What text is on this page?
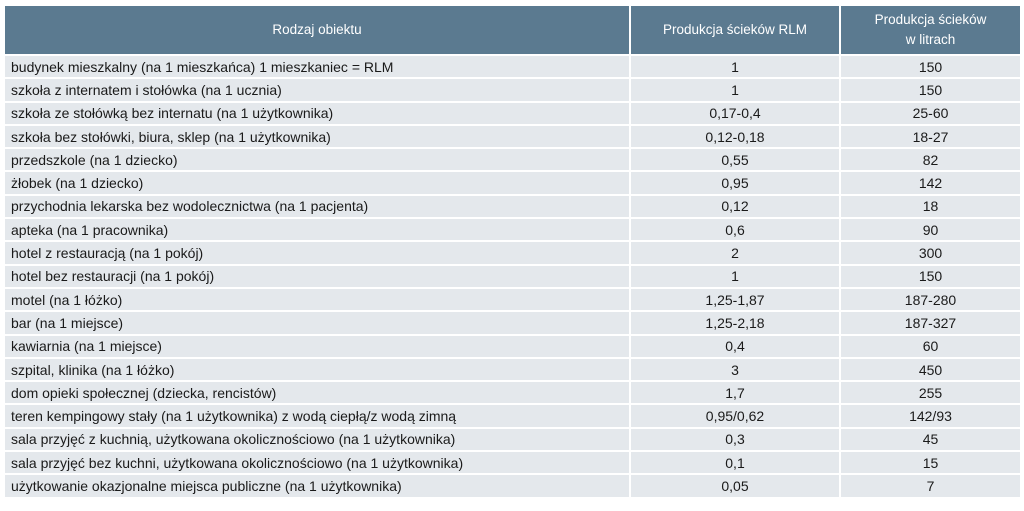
Rodzaj obiektu	Produkcja ścieków RLM	Produkcja ścieków
w litrach
budynek mieszkalny (na 1 mieszkańca) 1 mieszkaniec = RLM	1	150
szkoła z internatem i stołówka (na 1 ucznia)	1	150
szkoła ze stołówką bez internatu (na 1 użytkownika)	0,17-0,4	25-60
szkoła bez stołówki, biura, sklep (na 1 użytkownika)	0,12-0,18	18-27
przedszkole (na 1 dziecko)	0,55	82
żłobek (na 1 dziecko)	0,95	142
przychodnia lekarska bez wodolecznictwa (na 1 pacjenta)	0,12	18
apteka (na 1 pracownika)	0,6	90
hotel z restauracją (na 1 pokój)	2	300
hotel bez restauracji (na 1 pokój)	1	150
motel (na 1 łóżko)	1,25-1,87	187-280
bar (na 1 miejsce)	1,25-2,18	187-327
kawiarnia (na 1 miejsce)	0,4	60
szpital, klinika (na 1 łóżko)	3	450
dom opieki społecznej (dziecka, rencistów)	1,7	255
teren kempingowy stały (na 1 użytkownika) z wodą ciepłą/z wodą zimną	0,95/0,62	142/93
sala przyjęć z kuchnią, użytkowana okolicznościowo (na 1 użytkownika)	0,3	45
sala przyjęć bez kuchni, użytkowana okolicznościowo (na 1 użytkownika)	0,1	15
użytkowanie okazjonalne miejsca publiczne (na 1 użytkownika)	0,05	7
